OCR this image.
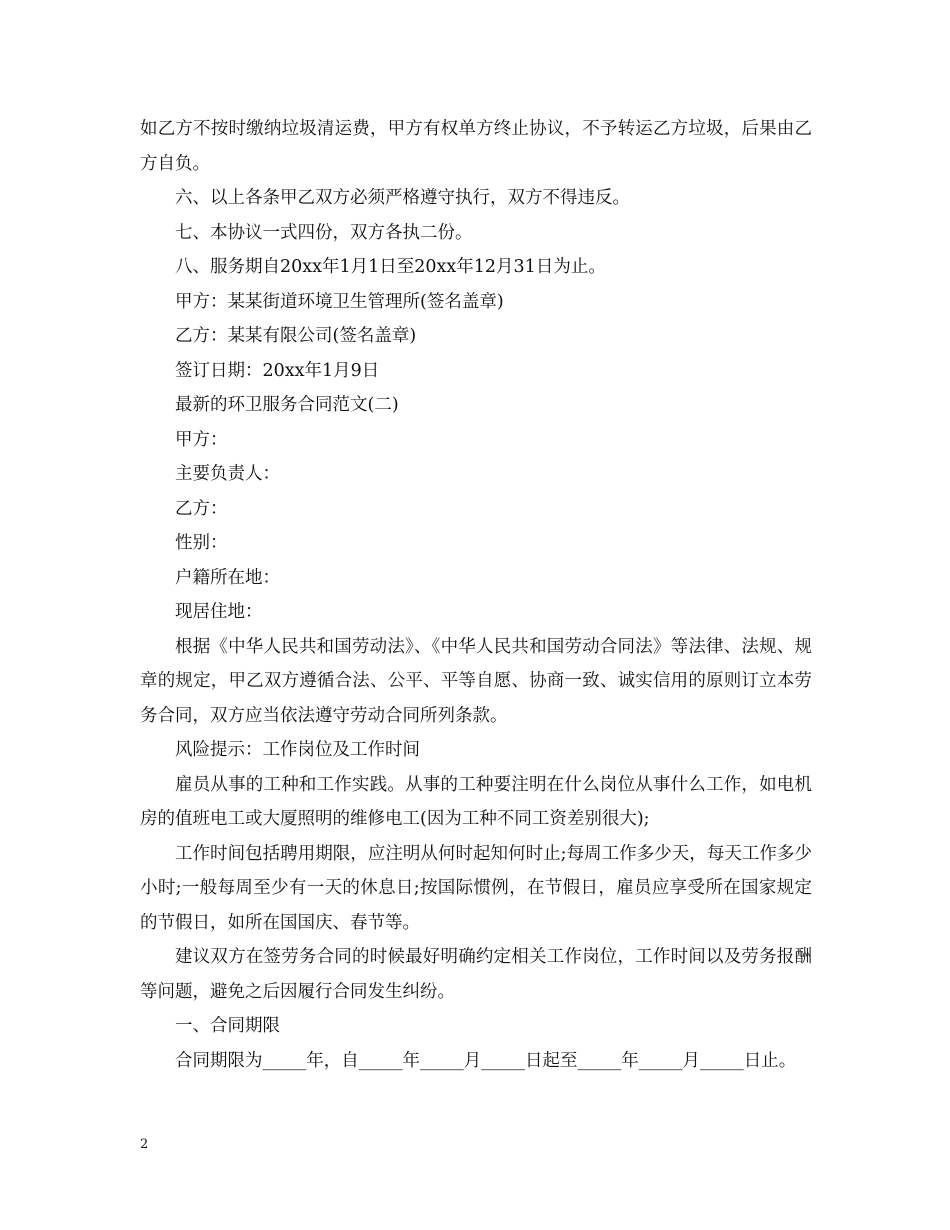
如乙方不按时缴纳垃圾清运费，甲方有权单方终止协议，不予转运乙方垃圾，后果由乙方自负。

六、以上各条甲乙双方必须严格遵守执行，双方不得违反。

七、本协议一式四份，双方各执二份。

八、服务期自20xx年1月1日至20xx年12月31日为止。

甲方：某某街道环境卫生管理所(签名盖章)

乙方：某某有限公司(签名盖章)

签订日期：20xx年1月9日

最新的环卫服务合同范文(二)

甲方：

主要负责人：

乙方：

性别：

户籍所在地：

现居住地：

根据《中华人民共和国劳动法》、《中华人民共和国劳动合同法》等法律、法规、规章的规定，甲乙双方遵循合法、公平、平等自愿、协商一致、诚实信用的原则订立本劳务合同，双方应当依法遵守劳动合同所列条款。

风险提示：工作岗位及工作时间

雇员从事的工种和工作实践。从事的工种要注明在什么岗位从事什么工作，如电机房的值班电工或大厦照明的维修电工(因为工种不同工资差别很大);

工作时间包括聘用期限，应注明从何时起知何时止;每周工作多少天，每天工作多少小时;一般每周至少有一天的休息日;按国际惯例，在节假日，雇员应享受所在国家规定的节假日，如所在国国庆、春节等。

建议双方在签劳务合同的时候最好明确约定相关工作岗位，工作时间以及劳务报酬等问题，避免之后因履行合同发生纠纷。

一、合同期限

合同期限为_____年，自_____年_____月_____日起至_____年_____月_____日止。

2
